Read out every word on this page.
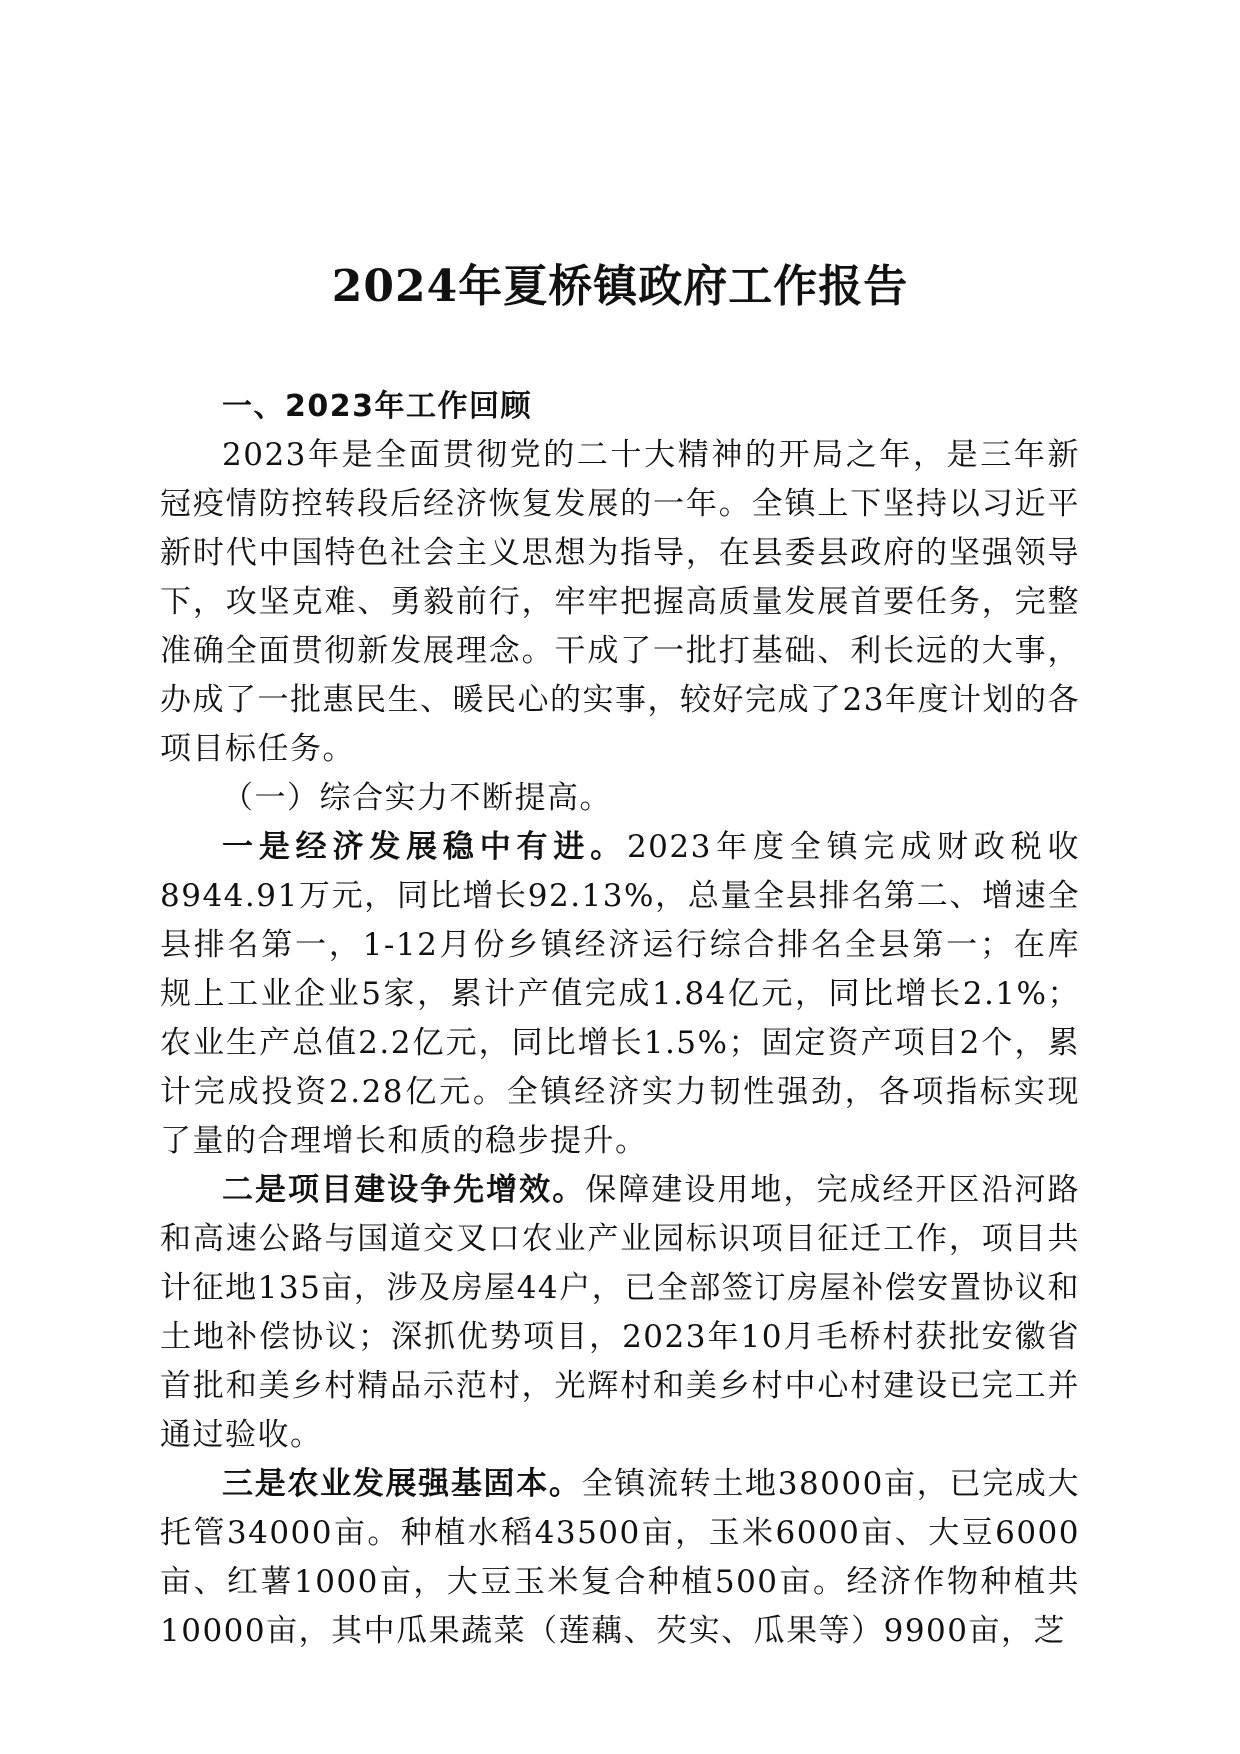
2024年夏桥镇政府工作报告
一、2023年工作回顾

2023年是全面贯彻党的二十大精神的开局之年，是三年新冠疫情防控转段后经济恢复发展的一年。全镇上下坚持以习近平新时代中国特色社会主义思想为指导，在县委县政府的坚强领导下，攻坚克难、勇毅前行，牢牢把握高质量发展首要任务，完整准确全面贯彻新发展理念。干成了一批打基础、利长远的大事，办成了一批惠民生、暖民心的实事，较好完成了23年度计划的各项目标任务。

（一）综合实力不断提高。

一是经济发展稳中有进。2023年度全镇完成财政税收8944.91万元，同比增长92.13%，总量全县排名第二、增速全县排名第一，1-12月份乡镇经济运行综合排名全县第一；在库规上工业企业5家，累计产值完成1.84亿元，同比增长2.1%；农业生产总值2.2亿元，同比增长1.5%；固定资产项目2个，累计完成投资2.28亿元。全镇经济实力韧性强劲，各项指标实现了量的合理增长和质的稳步提升。

二是项目建设争先增效。保障建设用地，完成经开区沿河路和高速公路与国道交叉口农业产业园标识项目征迁工作，项目共计征地135亩，涉及房屋44户，已全部签订房屋补偿安置协议和土地补偿协议；深抓优势项目，2023年10月毛桥村获批安徽省首批和美乡村精品示范村，光辉村和美乡村中心村建设已完工并通过验收。

三是农业发展强基固本。全镇流转土地38000亩，已完成大托管34000亩。种植水稻43500亩，玉米6000亩、大豆6000亩、红薯1000亩，大豆玉米复合种植500亩。经济作物种植共10000亩，其中瓜果蔬菜（莲藕、芡实、瓜果等）9900亩，芝
